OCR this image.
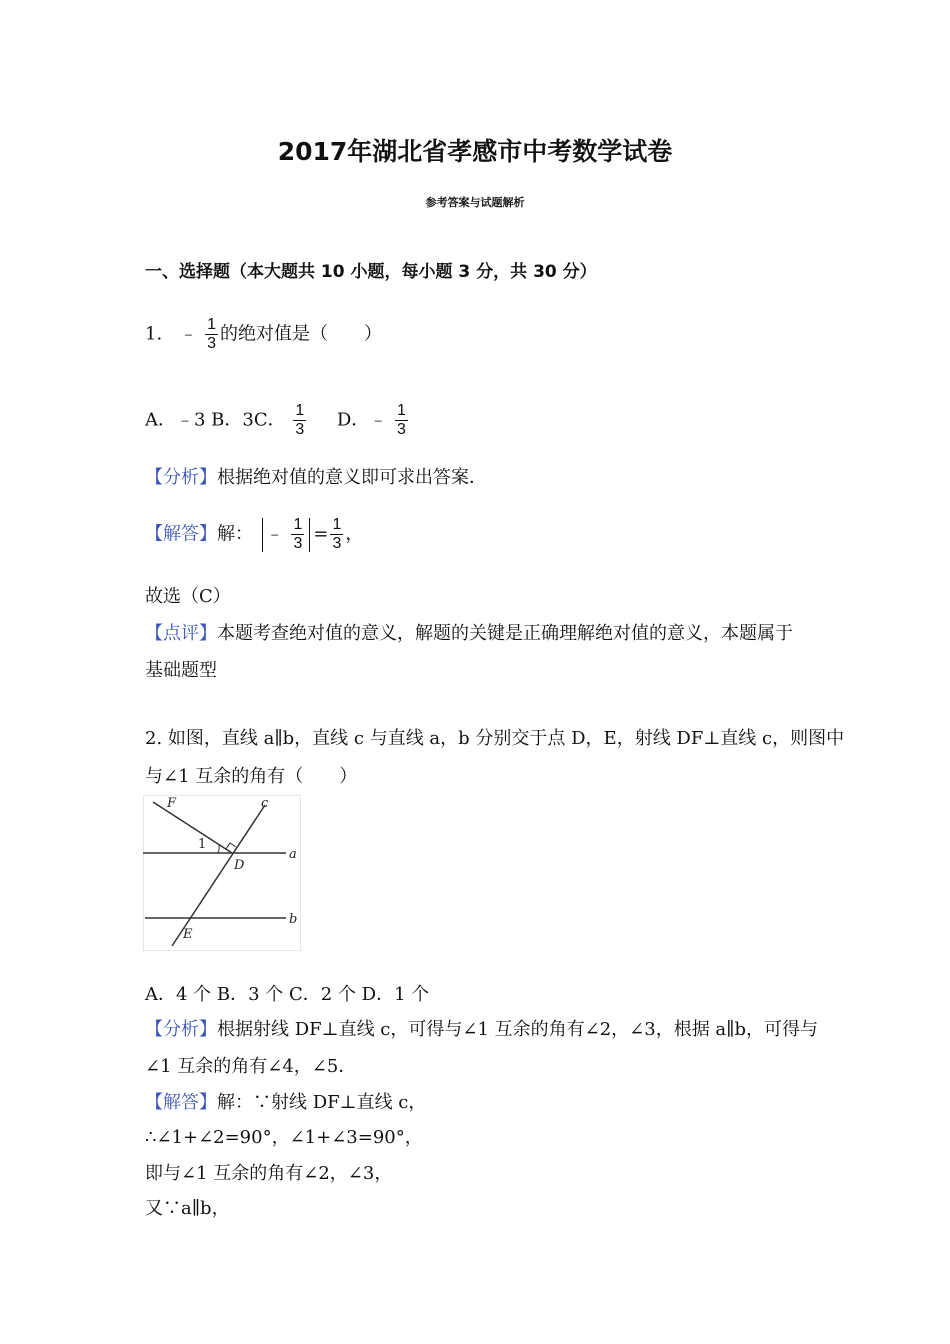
2017年湖北省孝感市中考数学试卷
参考答案与试题解析
一、选择题（本大题共 10 小题，每小题 3 分，共 30 分）
1. ﹣ $\frac{1}{3}$ 的绝对值是（　　）
A．﹣3 B．3C． $\frac{1}{3}$ D．﹣ $\frac{1}{3}$
【分析】根据绝对值的意义即可求出答案．
【解答】解： ﹣ $\frac{1}{3} = \frac{1}{3}$ ，
故选（C）
【点评】本题考查绝对值的意义，解题的关键是正确理解绝对值的意义，本题属于
基础题型
2. 如图，直线 a∥b，直线 c 与直线 a，b 分别交于点 D，E，射线 DF⊥直线 c，则图中
与∠1 互余的角有（　　）
F	c
1
D
a
b
E
A．4 个 B．3 个 C．2 个 D．1 个
【分析】根据射线 DF⊥直线 c，可得与∠1 互余的角有∠2，∠3，根据 a∥b，可得与
∠1 互余的角有∠4，∠5．
【解答】解：∵射线 DF⊥直线 c，
∴∠1+∠2=90°，∠1+∠3=90°，
即与∠1 互余的角有∠2，∠3，
又∵a∥b，
